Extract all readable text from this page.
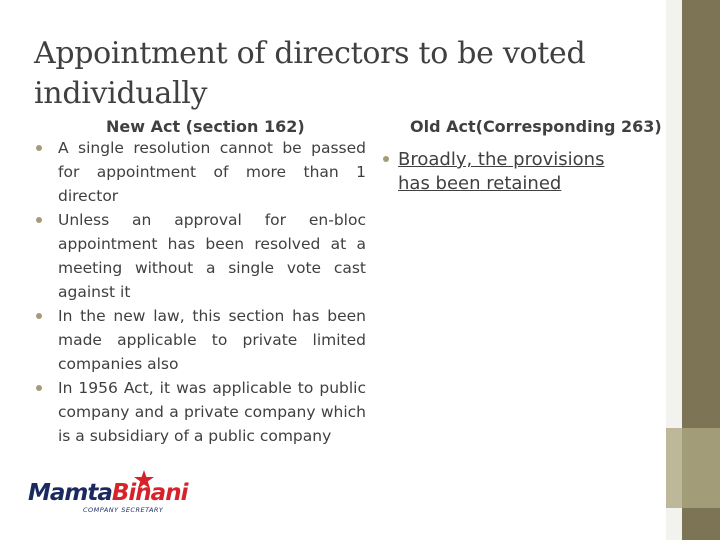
Appointment of directors to be voted individually
New Act (section 162)	Old Act(Corresponding 263)
A single resolution cannot be passed for appointment of more than 1 director
Unless an approval for en-bloc appointment has been resolved at a meeting without a single vote cast against it
In the new law, this section has been made applicable to private limited companies also
In 1956 Act, it was applicable to public company and a private company which is a subsidiary of a public company
Broadly, the provisions has been retained
MamtaBinani
COMPANY SECRETARY
